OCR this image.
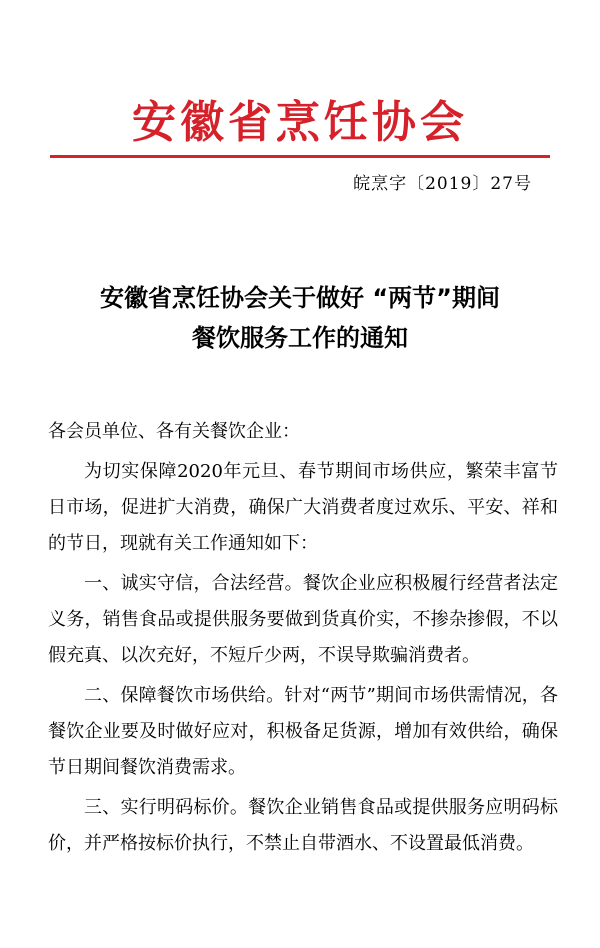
安徽省烹饪协会
皖烹字〔2019〕27号
安徽省烹饪协会关于做好 “两节”期间
餐饮服务工作的通知
各会员单位、各有关餐饮企业：

为切实保障2020年元旦、春节期间市场供应，繁荣丰富节日市场，促进扩大消费，确保广大消费者度过欢乐、平安、祥和的节日，现就有关工作通知如下：

一、诚实守信，合法经营。餐饮企业应积极履行经营者法定义务，销售食品或提供服务要做到货真价实，不掺杂掺假，不以假充真、以次充好，不短斤少两，不误导欺骗消费者。

二、保障餐饮市场供给。针对“两节”期间市场供需情况，各餐饮企业要及时做好应对，积极备足货源，增加有效供给，确保节日期间餐饮消费需求。

三、实行明码标价。餐饮企业销售食品或提供服务应明码标价，并严格按标价执行，不禁止自带酒水、不设置最低消费。
